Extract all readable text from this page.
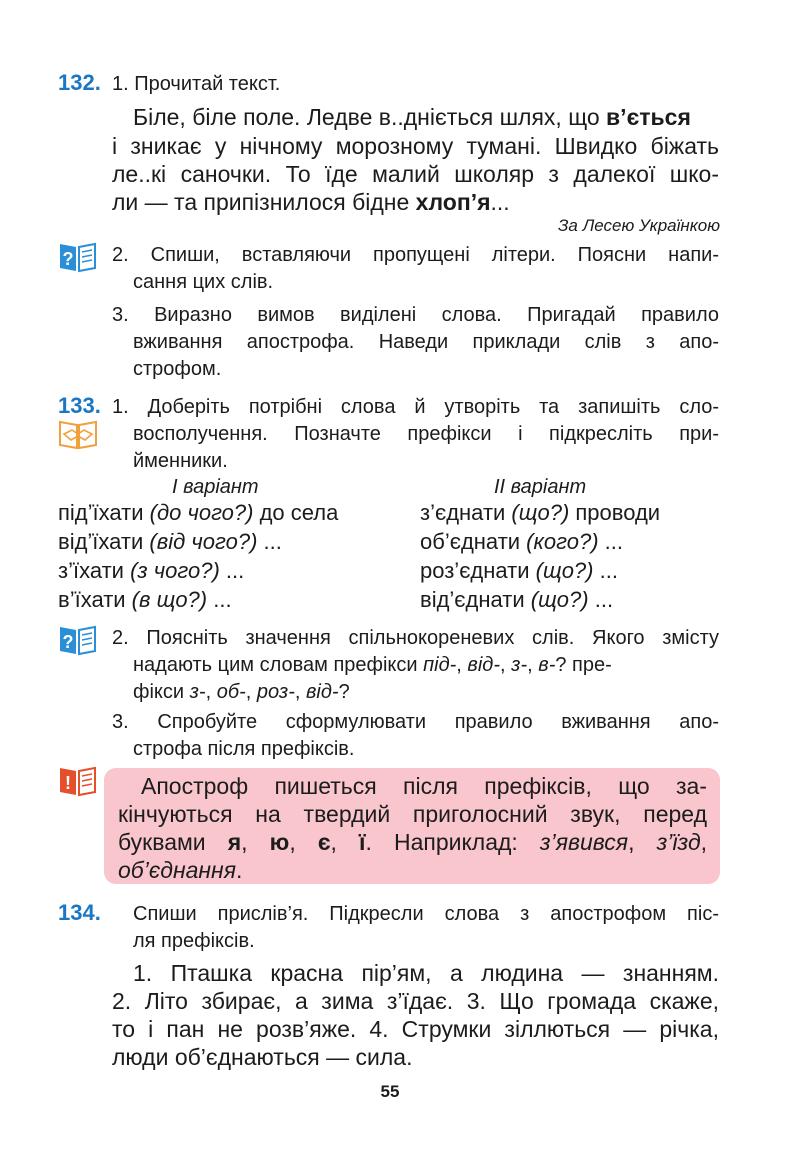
132. 1. Прочитай текст.
Біле, біле поле. Ледве в..дніється шлях, що в’ється
і зникає у нічному морозному тумані. Швидко біжать
ле..кі саночки. То їде малий школяр з далекої шко-
ли — та припізнилося бідне хлоп’я...
За Лесею Українкою
? 2. Спиши, вставляючи пропущені літери. Поясни напи-
сання цих слів.
3. Виразно вимов виділені слова. Пригадай правило
вживання апострофа. Наведи приклади слів з апо-
строфом.
133. 1. Доберіть потрібні слова й утворіть та запишіть сло-
восполучення. Позначте префікси і підкресліть при-
йменники.
І варіант	ІІ варіант
під’їхати (до чого?) до села
від’їхати (від чого?) ...
з’їхати (з чого?) ...
в’їхати (в що?) ...
з’єднати (що?) проводи
об’єднати (кого?) ...
роз’єднати (що?) ...
від’єднати (що?) ...
? 2. Поясніть значення спільнокореневих слів. Якого змісту
надають цим словам префікси під-, від-, з-, в-? пре-
фікси з-, об-, роз-, від-?
3. Спробуйте сформулювати правило вживання апо-
строфа після префіксів.
!	Апостроф пишеться після префіксів, що за-
кінчуються на твердий приголосний звук, перед
буквами я, ю, є, ї. Наприклад: з’явився, з’їзд,
об’єднання.
134. Спиши прислів’я. Підкресли слова з апострофом піс-
ля префіксів.
1. Пташка красна пір’ям, а людина — знанням.
2. Літо збирає, а зима з’їдає. 3. Що громада скаже,
то і пан не розв’яже. 4. Струмки зіллються — річка,
люди об’єднаються — сила.
55
